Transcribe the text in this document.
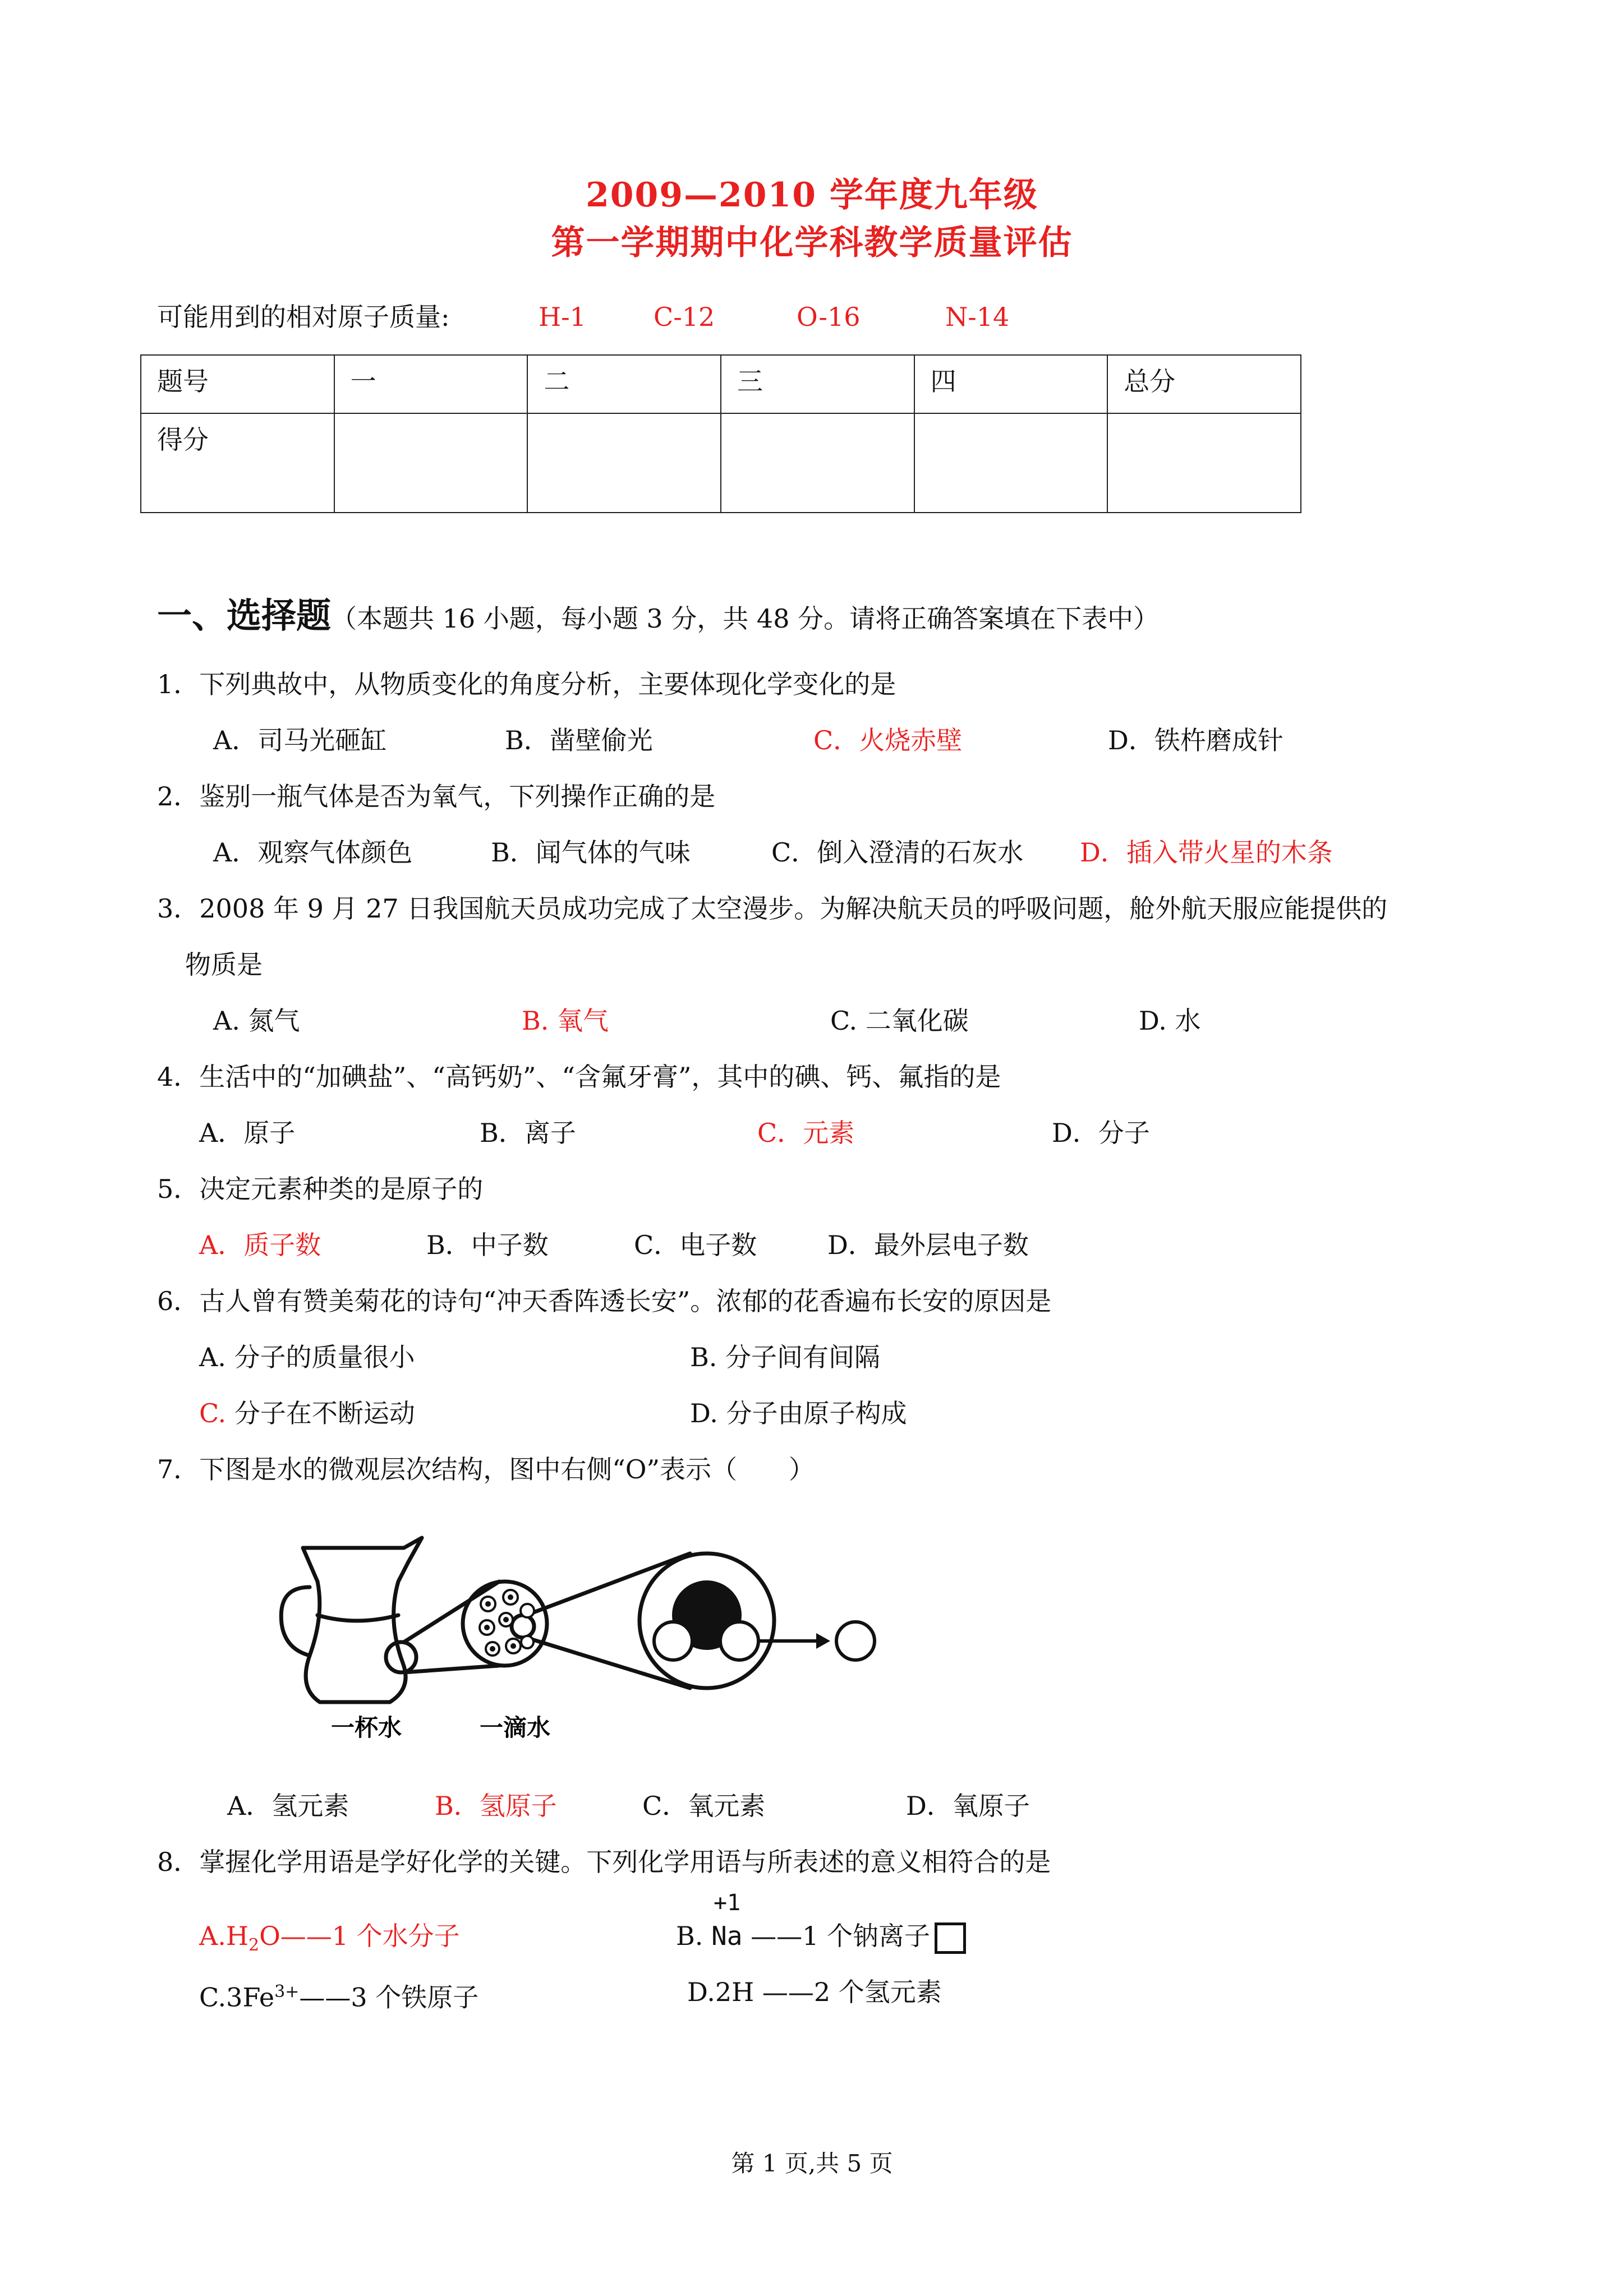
2009—2010 学年度九年级
第一学期期中化学科教学质量评估
可能用到的相对原子质量:	H-1	C-12	O-16	N-14
题号	一	二	三	四	总分
得分					
一、选择题（本题共 16 小题，每小题 3 分，共 48 分。请将正确答案填在下表中）
1．下列典故中，从物质变化的角度分析，主要体现化学变化的是
A．司马光砸缸	B．凿壁偷光	C．火烧赤壁	D．铁杵磨成针
2．鉴别一瓶气体是否为氧气，下列操作正确的是
A．观察气体颜色	B．闻气体的气味	C．倒入澄清的石灰水 D．插入带火星的木条
3．2008 年 9 月 27 日我国航天员成功完成了太空漫步。为解决航天员的呼吸问题，舱外航天服应能提供的
物质是
A. 氮气	B. 氧气	C. 二氧化碳	D. 水
4．生活中的“加碘盐”、“高钙奶”、“含氟牙膏”，其中的碘、钙、氟指的是
A．原子	B．离子	C．元素	D．分子
5．决定元素种类的是原子的
A．质子数	B．中子数	C．电子数	D．最外层电子数
6．古人曾有赞美菊花的诗句“冲天香阵透长安”。浓郁的花香遍布长安的原因是
A. 分子的质量很小	B. 分子间有间隔
C. 分子在不断运动	D. 分子由原子构成
7．下图是水的微观层次结构，图中右侧“O”表示（　　）
一杯水	一滴水
A．氢元素	B．氢原子	C．氧元素	D．氧原子
8．掌握化学用语是学好化学的关键。下列化学用语与所表述的意义相符合的是
+1
$A.H_2O——1$ 个水分子	B. Na ——1 个钠离子
$C.3Fe^{3+}——3$ 个铁原子	D.2H ——2 个氢元素
第 1 页,共 5 页
